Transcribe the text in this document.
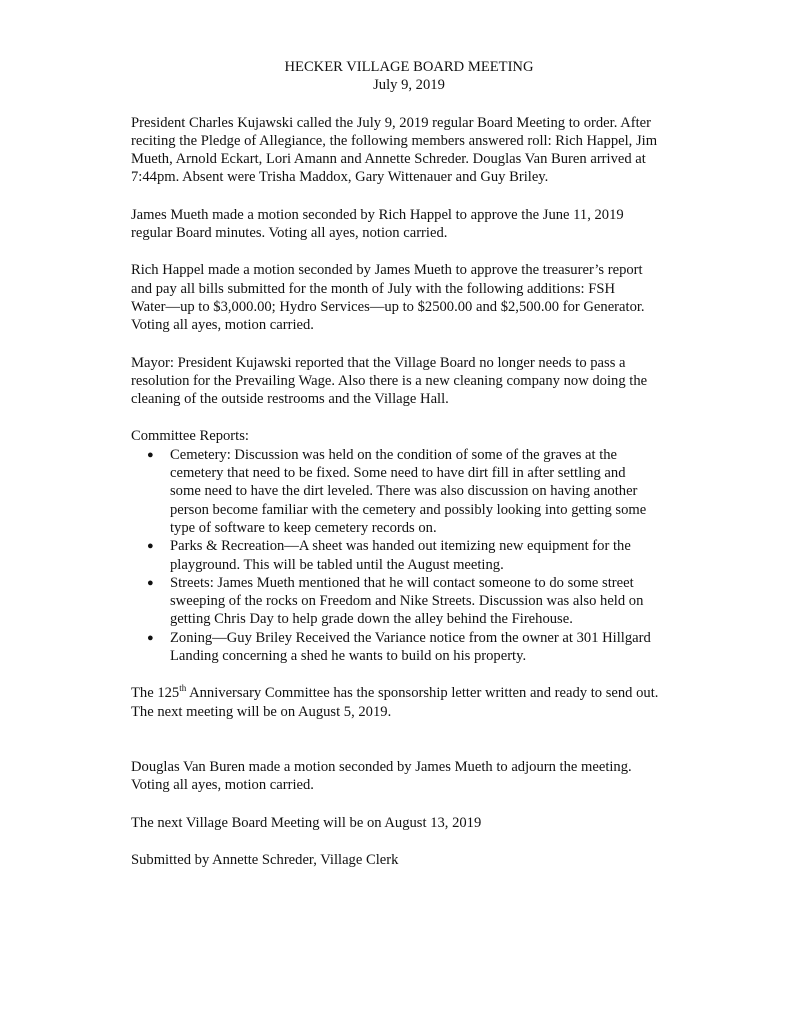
HECKER VILLAGE BOARD MEETING

July 9, 2019

President Charles Kujawski called the July 9, 2019 regular Board Meeting to order. After
reciting the Pledge of Allegiance, the following members answered roll: Rich Happel, Jim
Mueth, Arnold Eckart, Lori Amann and Annette Schreder. Douglas Van Buren arrived at
7:44pm. Absent were Trisha Maddox, Gary Wittenauer and Guy Briley.

James Mueth made a motion seconded by Rich Happel to approve the June 11, 2019
regular Board minutes. Voting all ayes, notion carried.

Rich Happel made a motion seconded by James Mueth to approve the treasurer’s report
and pay all bills submitted for the month of July with the following additions: FSH
Water—up to $3,000.00; Hydro Services—up to $2500.00 and $2,500.00 for Generator.
Voting all ayes, motion carried.

Mayor: President Kujawski reported that the Village Board no longer needs to pass a
resolution for the Prevailing Wage. Also there is a new cleaning company now doing the
cleaning of the outside restrooms and the Village Hall.

Committee Reports:

● Cemetery: Discussion was held on the condition of some of the graves at the
cemetery that need to be fixed. Some need to have dirt fill in after settling and
some need to have the dirt leveled. There was also discussion on having another
person become familiar with the cemetery and possibly looking into getting some
type of software to keep cemetery records on.
● Parks & Recreation—A sheet was handed out itemizing new equipment for the
playground. This will be tabled until the August meeting.
● Streets: James Mueth mentioned that he will contact someone to do some street
sweeping of the rocks on Freedom and Nike Streets. Discussion was also held on
getting Chris Day to help grade down the alley behind the Firehouse.
● Zoning—Guy Briley Received the Variance notice from the owner at 301 Hillgard
Landing concerning a shed he wants to build on his property.

The 125th Anniversary Committee has the sponsorship letter written and ready to send out.
The next meeting will be on August 5, 2019.

Douglas Van Buren made a motion seconded by James Mueth to adjourn the meeting.
Voting all ayes, motion carried.

The next Village Board Meeting will be on August 13, 2019

Submitted by Annette Schreder, Village Clerk
